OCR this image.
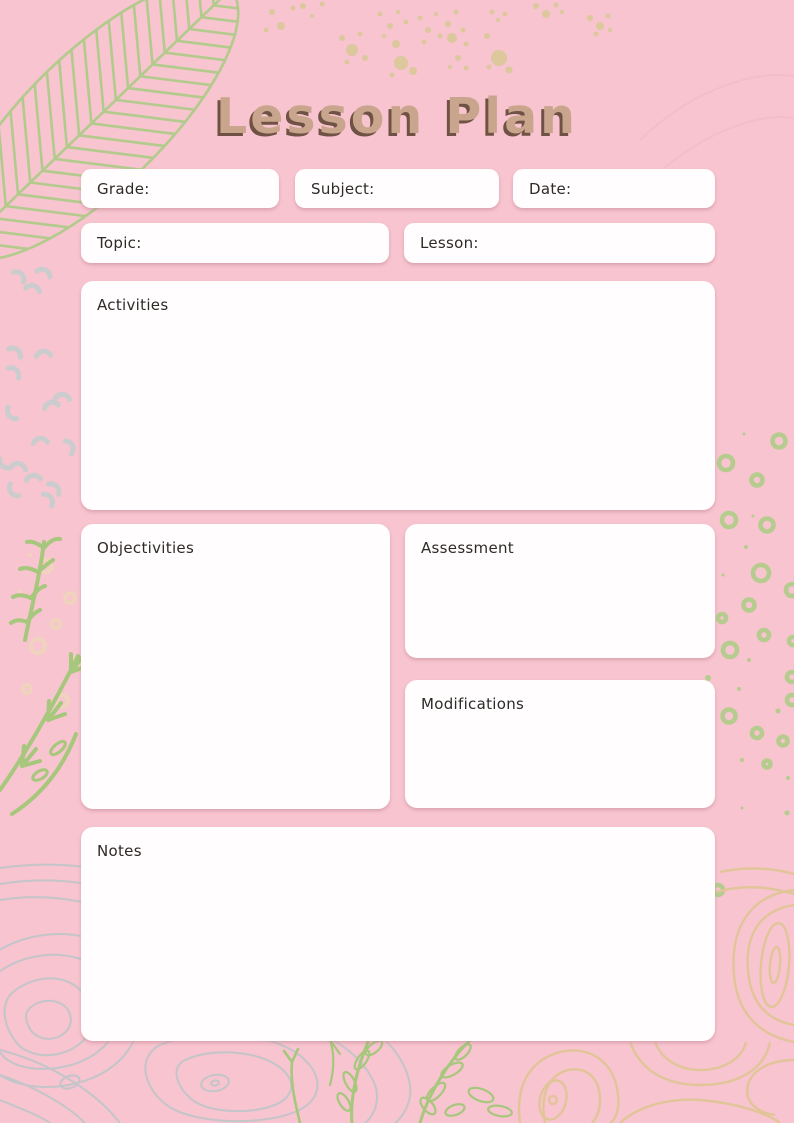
Lesson Plan
Grade:	Subject:	Date:
Topic:	Lesson:
Activities
Objectivities	Assessment
Modifications
Notes
